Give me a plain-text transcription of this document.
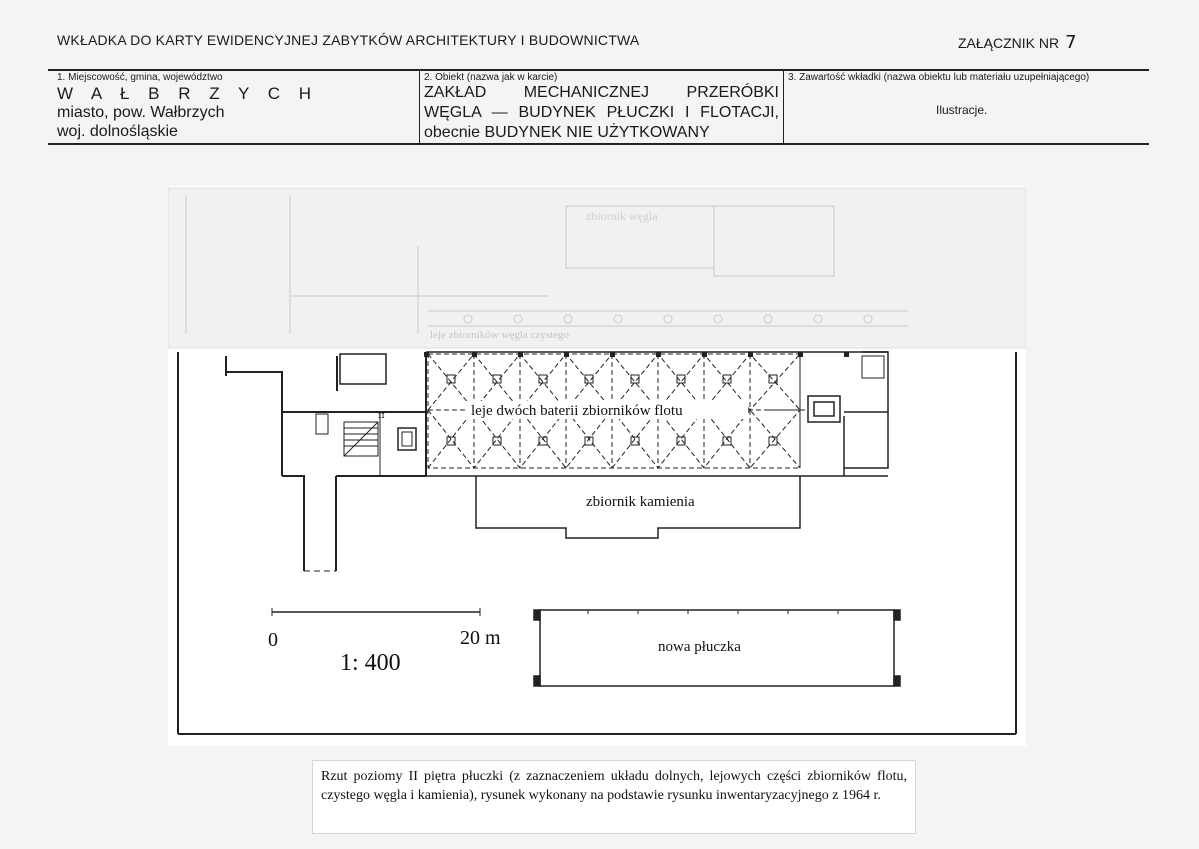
WKŁADKA DO KARTY EWIDENCYJNEJ ZABYTKÓW ARCHITEKTURY I BUDOWNICTWA	ZAŁĄCZNIK NR 7
1. Miejscowość, gmina, województwo
W A Ł B R Z Y C H
miasto, pow. Wałbrzych
woj. dolnośląskie
2. Obiekt (nazwa jak w karcie)
ZAKŁAD MECHANICZNEJ PRZERÓBKI
WĘGLA — BUDYNEK PŁUCZKI I FLOTACJI,
obecnie BUDYNEK NIE UŻYTKOWANY
3. Zawartość wkładki (nazwa obiektu lub materiału uzupełniającego)
Ilustracje.
zbiornik węgla
leje zbiorników węgla czystego
ɪɪ	leje dwóch baterii zbiorników flotu
zbiornik kamienia
nowa płuczka
0	20 m
1: 400

Rzut poziomy II piętra płuczki (z zaznaczeniem układu dolnych, lejowych części zbiorników flotu, czystego węgla i kamienia), rysunek wykonany na podstawie rysunku inwentaryzacyjnego z 1964 r.
